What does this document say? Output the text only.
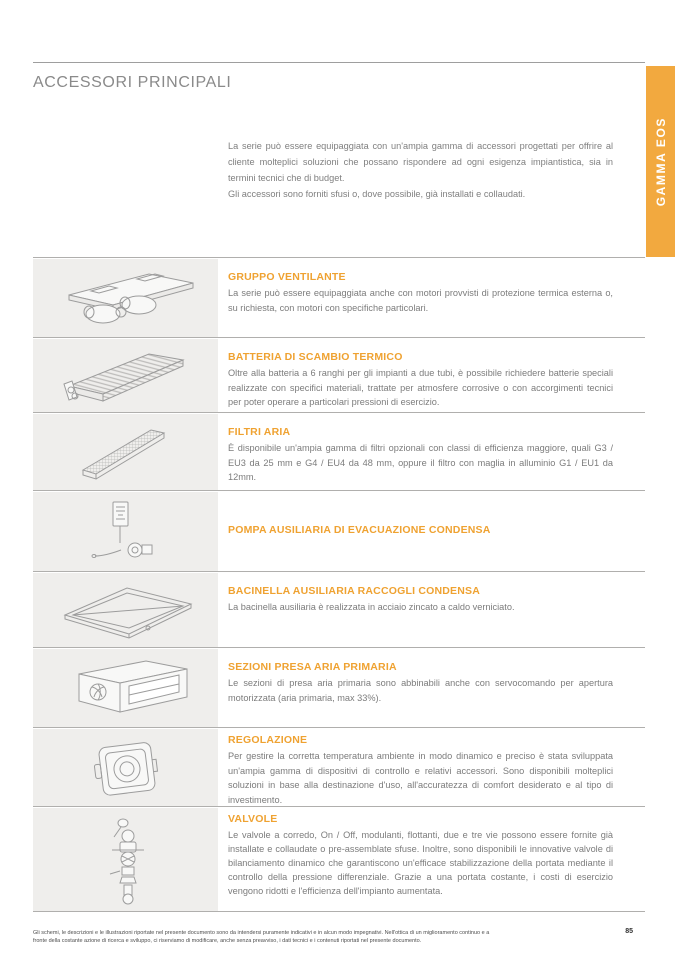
ACCESSORI PRINCIPALI
GAMMA EOS

La serie può essere equipaggiata con un'ampia gamma di accessori progettati per offrire al cliente molteplici soluzioni che possano rispondere ad ogni esigenza impiantistica, sia in termini tecnici che di budget.

Gli accessori sono forniti sfusi o, dove possibile, già installati e collaudati.

GRUPPO VENTILANTE

La serie può essere equipaggiata anche con motori provvisti di protezione termica esterna o, su richiesta, con motori con specifiche particolari.

BATTERIA DI SCAMBIO TERMICO

Oltre alla batteria a 6 ranghi per gli impianti a due tubi, è possibile richiedere batterie speciali realizzate con specifici materiali, trattate per atmosfere corrosive o con accorgimenti tecnici per poter operare a particolari pressioni di esercizio.

FILTRI ARIA

È disponibile un'ampia gamma di filtri opzionali con classi di efficienza maggiore, quali G3 / EU3 da 25 mm e G4 / EU4 da 48 mm, oppure il filtro con maglia in alluminio G1 / EU1 da 12mm.

POMPA AUSILIARIA DI EVACUAZIONE CONDENSA
BACINELLA AUSILIARIA RACCOGLI CONDENSA

La bacinella ausiliaria è realizzata in acciaio zincato a caldo verniciato.

SEZIONI PRESA ARIA PRIMARIA

Le sezioni di presa aria primaria sono abbinabili anche con servocomando per apertura motorizzata (aria primaria, max 33%).

REGOLAZIONE

Per gestire la corretta temperatura ambiente in modo dinamico e preciso è stata sviluppata un'ampia gamma di dispositivi di controllo e relativi accessori. Sono disponibili molteplici soluzioni in base alla destinazione d'uso, all'accuratezza di comfort desiderato e al tipo di investimento.

VALVOLE

Le valvole a corredo, On / Off, modulanti, flottanti, due e tre vie possono essere fornite già installate e collaudate o pre-assemblate sfuse. Inoltre, sono disponibili le innovative valvole di bilanciamento dinamico che garantiscono un'efficace stabilizzazione della portata mediante il controllo della pressione differenziale. Grazie a una portata costante, i costi di esercizio vengono ridotti e l'efficienza dell'impianto aumentata.

Gli schemi, le descrizioni e le illustrazioni riportate nel presente documento sono da intendersi puramente indicativi e in alcun modo impegnativi. Nell'ottica di un miglioramento continuo e a fronte della costante azione di ricerca e sviluppo, ci riserviamo di modificare, anche senza preavviso, i dati tecnici e i contenuti riportati nel presente documento.
85
